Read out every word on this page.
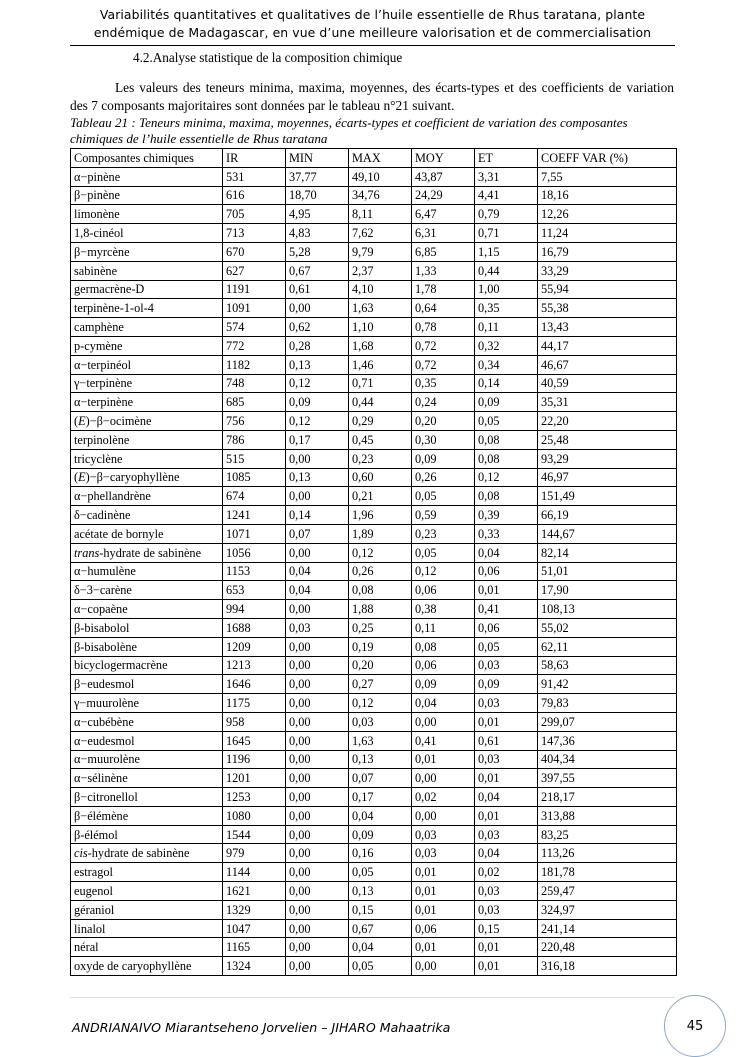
Variabilités quantitatives et qualitatives de l’huile essentielle de Rhus taratana, plante
endémique de Madagascar, en vue d’une meilleure valorisation et de commercialisation
4.2.Analyse statistique de la composition chimique
Les valeurs des teneurs minima, maxima, moyennes, des écarts-types et des coefficients de variation des 7 composants majoritaires sont données par le tableau n°21 suivant.
Tableau 21 : Teneurs minima, maxima, moyennes, écarts-types et coefficient de variation des composantes chimiques de l’huile essentielle de Rhus taratana
Composantes chimiques	IR	MIN	MAX	MOY	ET	COEFF VAR (%)
α−pinène	531	37,77	49,10	43,87	3,31	7,55
β−pinène	616	18,70	34,76	24,29	4,41	18,16
limonène	705	4,95	8,11	6,47	0,79	12,26
1,8-cinéol	713	4,83	7,62	6,31	0,71	11,24
β−myrcène	670	5,28	9,79	6,85	1,15	16,79
sabinène	627	0,67	2,37	1,33	0,44	33,29
germacrène-D	1191	0,61	4,10	1,78	1,00	55,94
terpinène-1-ol-4	1091	0,00	1,63	0,64	0,35	55,38
camphène	574	0,62	1,10	0,78	0,11	13,43
p-cymène	772	0,28	1,68	0,72	0,32	44,17
α−terpinéol	1182	0,13	1,46	0,72	0,34	46,67
γ−terpinène	748	0,12	0,71	0,35	0,14	40,59
α−terpinène	685	0,09	0,44	0,24	0,09	35,31
(E)−β−ocimène	756	0,12	0,29	0,20	0,05	22,20
terpinolène	786	0,17	0,45	0,30	0,08	25,48
tricyclène	515	0,00	0,23	0,09	0,08	93,29
(E)−β−caryophyllène	1085	0,13	0,60	0,26	0,12	46,97
α−phellandrène	674	0,00	0,21	0,05	0,08	151,49
δ−cadinène	1241	0,14	1,96	0,59	0,39	66,19
acétate de bornyle	1071	0,07	1,89	0,23	0,33	144,67
trans-hydrate de sabinène	1056	0,00	0,12	0,05	0,04	82,14
α−humulène	1153	0,04	0,26	0,12	0,06	51,01
δ−3−carène	653	0,04	0,08	0,06	0,01	17,90
α−copaène	994	0,00	1,88	0,38	0,41	108,13
β-bisabolol	1688	0,03	0,25	0,11	0,06	55,02
β-bisabolène	1209	0,00	0,19	0,08	0,05	62,11
bicyclogermacrène	1213	0,00	0,20	0,06	0,03	58,63
β−eudesmol	1646	0,00	0,27	0,09	0,09	91,42
γ−muurolène	1175	0,00	0,12	0,04	0,03	79,83
α−cubébène	958	0,00	0,03	0,00	0,01	299,07
α−eudesmol	1645	0,00	1,63	0,41	0,61	147,36
α−muurolène	1196	0,00	0,13	0,01	0,03	404,34
α−sélinène	1201	0,00	0,07	0,00	0,01	397,55
β−citronellol	1253	0,00	0,17	0,02	0,04	218,17
β−élémène	1080	0,00	0,04	0,00	0,01	313,88
β-élémol	1544	0,00	0,09	0,03	0,03	83,25
cis-hydrate de sabinène	979	0,00	0,16	0,03	0,04	113,26
estragol	1144	0,00	0,05	0,01	0,02	181,78
eugenol	1621	0,00	0,13	0,01	0,03	259,47
géraniol	1329	0,00	0,15	0,01	0,03	324,97
linalol	1047	0,00	0,67	0,06	0,15	241,14
néral	1165	0,00	0,04	0,01	0,01	220,48
oxyde de caryophyllène	1324	0,00	0,05	0,00	0,01	316,18
ANDRIANAIVO Miarantseheno Jorvelien – JIHARO Mahaatrika	45
